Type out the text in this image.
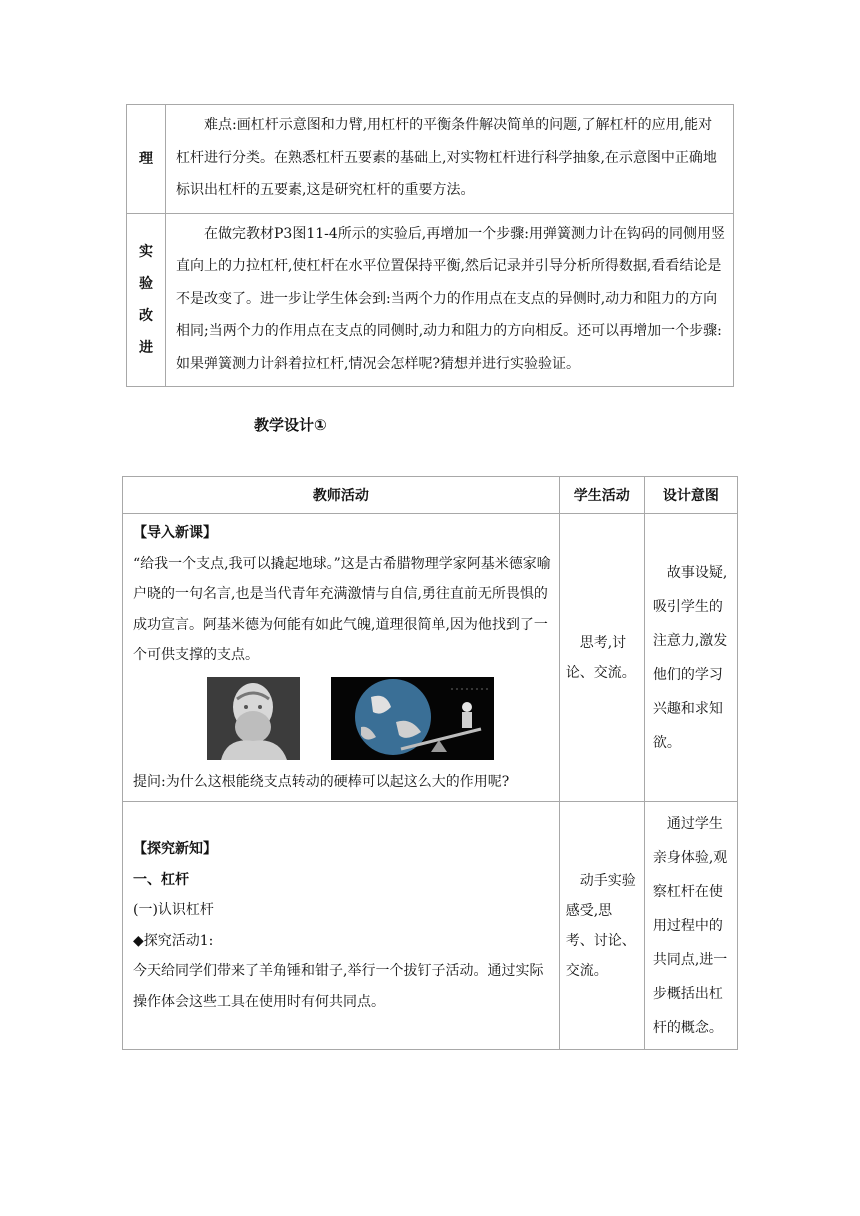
理	难点:画杠杆示意图和力臂,用杠杆的平衡条件解决简单的问题,了解杠杆的应用,能对杠杆进行分类。在熟悉杠杆五要素的基础上,对实物杠杆进行科学抽象,在示意图中正确地标识出杠杆的五要素,这是研究杠杆的重要方法。
实验改进	在做完教材P3图11-4所示的实验后,再增加一个步骤:用弹簧测力计在钩码的同侧用竖直向上的力拉杠杆,使杠杆在水平位置保持平衡,然后记录并引导分析所得数据,看看结论是不是改变了。进一步让学生体会到:当两个力的作用点在支点的异侧时,动力和阻力的方向相同;当两个力的作用点在支点的同侧时,动力和阻力的方向相反。还可以再增加一个步骤:如果弹簧测力计斜着拉杠杆,情况会怎样呢?猜想并进行实验验证。
教学设计①
教师活动	学生活动	设计意图

【导入新课】

“给我一个支点,我可以撬起地球。”这是古希腊物理学家阿基米德家喻户晓的一句名言,也是当代青年充满激情与自信,勇往直前无所畏惧的成功宣言。阿基米德为何能有如此气魄,道理很简单,因为他找到了一个可供支撑的支点。

提问:为什么这根能绕支点转动的硬棒可以起这么大的作用呢?	思考,讨论、交流。	故事设疑,吸引学生的注意力,激发他们的学习兴趣和求知欲。

【探究新知】

一、杠杆

(一)认识杠杆

◆探究活动1:

今天给同学们带来了羊角锤和钳子,举行一个拔钉子活动。通过实际操作体会这些工具在使用时有何共同点。	动手实验感受,思考、讨论、交流。	通过学生亲身体验,观察杠杆在使用过程中的共同点,进一步概括出杠杆的概念。
